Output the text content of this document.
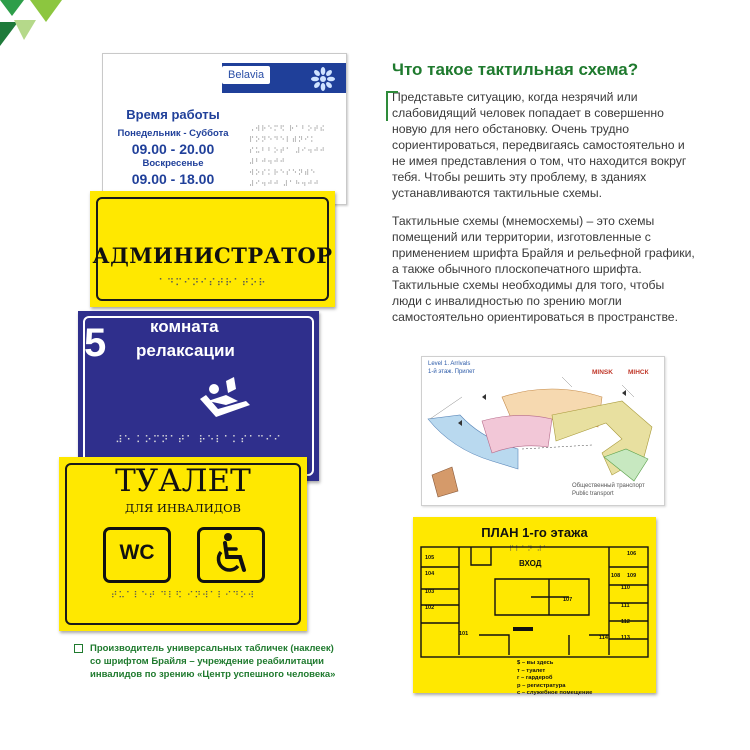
Belavia
Время работы
Понедельник - Суббота
09.00 - 20.00
Воскресенье
09.00 - 18.00
⠠⠺⠗⠑⠍⠫ ⠗⠁⠃⠕⠞⠮ ⠏⠕⠝⠑⠙⠑⠇⠾⠝⠊⠅ ⠎⠥⠃⠃⠕⠞⠁ ⠼⠊⠲⠚⠚ ⠼⠃⠚⠲⠚⠚ ⠺⠕⠎⠅⠗⠑⠎⠑⠝⠾⠑ ⠼⠊⠲⠚⠚ ⠼⠁⠓⠲⠚⠚
АДМИНИСТРАТОР
⠁⠙⠍⠊⠝⠊⠎⠞⠗⠁⠞⠕⠗
5	комната
релаксации
⠼⠑ ⠅⠕⠍⠝⠁⠞⠁ ⠗⠑⠇⠁⠅⠎⠁⠉⠊⠊
ТУАЛЕТ
ДЛЯ ИНВАЛИДОВ
WC
⠞⠥⠁⠇⠑⠞ ⠙⠇⠫ ⠊⠝⠺⠁⠇⠊⠙⠕⠺
Производитель универсальных табличек (наклеек) со шрифтом Брайля – учреждение реабилитации инвалидов по зрению «Центр успешного человека»
Что такое тактильная схема?
Представьте ситуацию, когда незрячий или слабовидящий человек попадает в совершенно новую для него обстановку. Очень трудно сориентироваться, передвигаясь самостоятельно и не имея представления о том, что находится вокруг тебя. Чтобы решить эту проблему, в зданиях устанавливаются тактильные схемы.
Тактильные схемы (мнемосхемы) – это схемы помещений или территории, изготовленные с применением шрифта Брайля и рельефной графики, а также обычного плоскопечатного шрифта. Тактильные схемы необходимы для того, чтобы люди с инвалидностью по зрению могли самостоятельно ориентироваться в пространстве.
Level 1. Arrivals
1-й этаж. Прилет	MINSK МІНСК
Общественный транспорт
Public transport
ПЛАН 1-го этажа
ВХОД
⠏⠇⠁⠝ ⠼⠁
105
106
104
103
102
101
107
108 109
110
111
112
113
114
$ – вы здесь
т – туалет
г – гардероб
р – регистратура
с – служебное помещение
